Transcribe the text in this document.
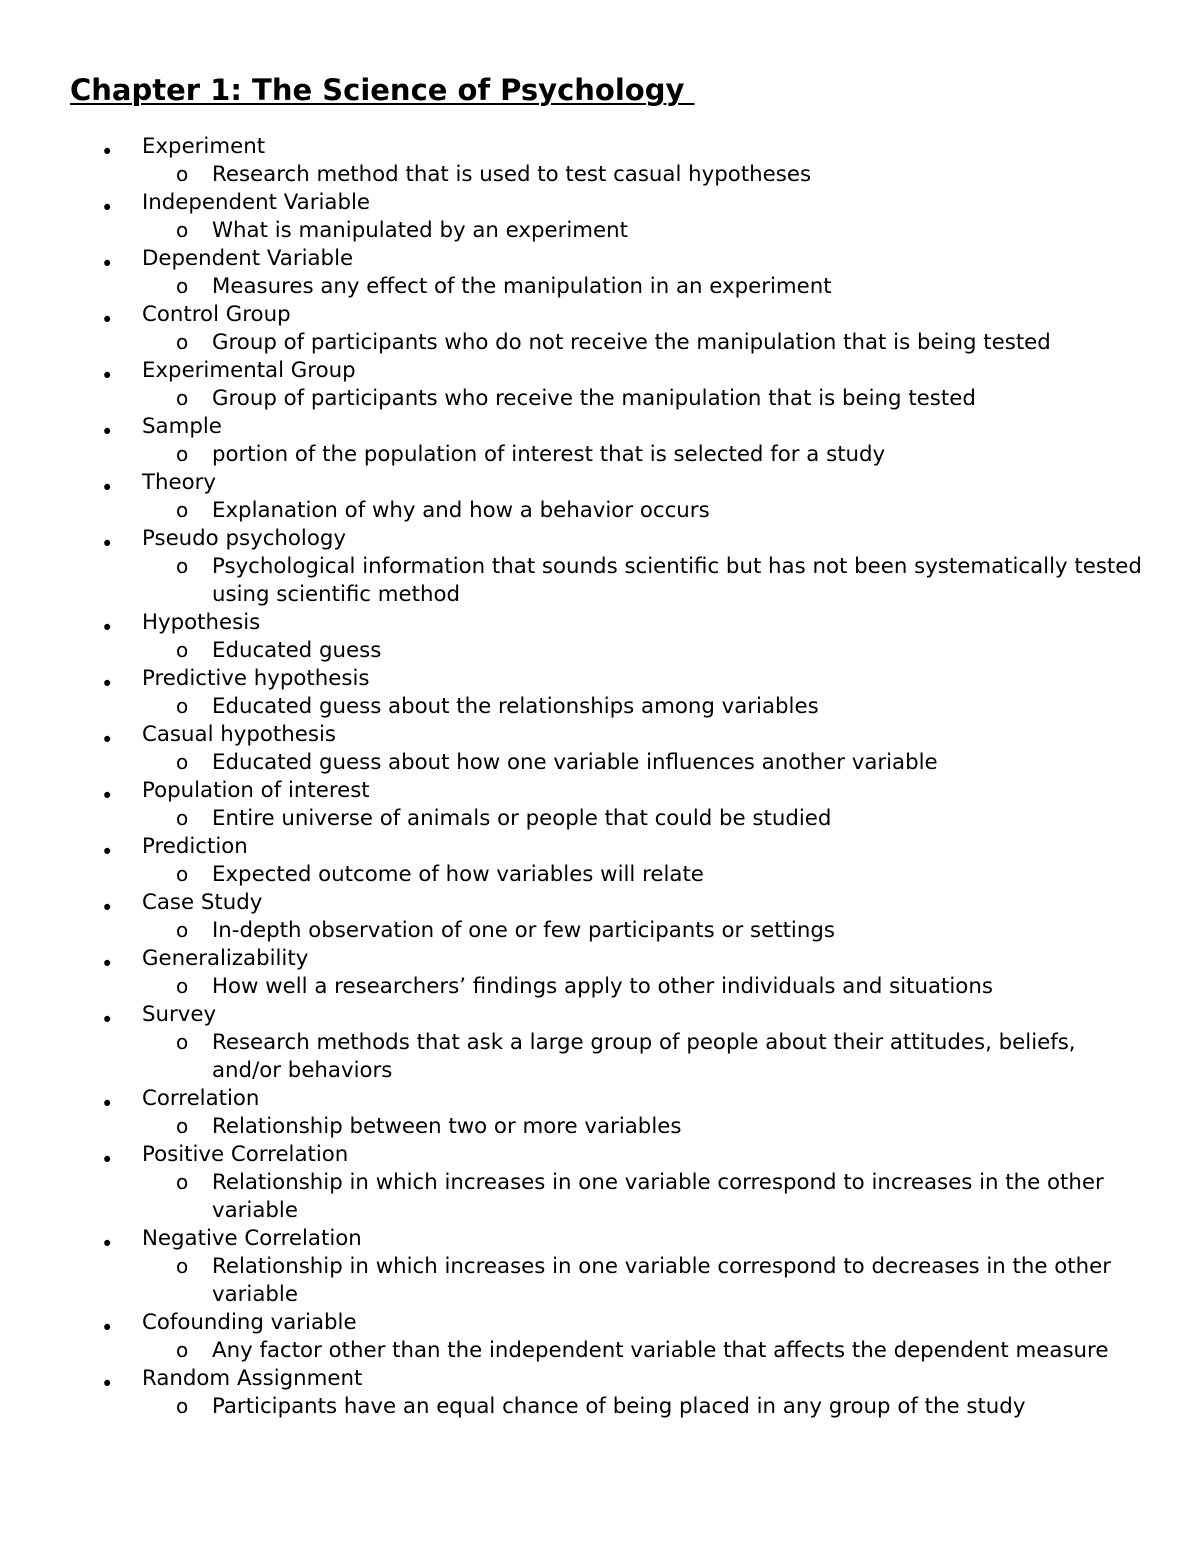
Chapter 1: The Science of Psychology
•	Experiment
o Research method that is used to test casual hypotheses
•	Independent Variable
o What is manipulated by an experiment
•	Dependent Variable
o Measures any effect of the manipulation in an experiment
•	Control Group
o Group of participants who do not receive the manipulation that is being tested
•	Experimental Group
o Group of participants who receive the manipulation that is being tested
•	Sample
o portion of the population of interest that is selected for a study
•	Theory
o Explanation of why and how a behavior occurs
•	Pseudo psychology
o Psychological information that sounds scientific but has not been systematically tested using scientific method
•	Hypothesis
o Educated guess
•	Predictive hypothesis
o Educated guess about the relationships among variables
•	Casual hypothesis
o Educated guess about how one variable influences another variable
•	Population of interest
o Entire universe of animals or people that could be studied
•	Prediction
o Expected outcome of how variables will relate
•	Case Study
o In-depth observation of one or few participants or settings
•	Generalizability
o How well a researchers’ findings apply to other individuals and situations
•	Survey
o Research methods that ask a large group of people about their attitudes, beliefs, and/or behaviors
•	Correlation
o Relationship between two or more variables
•	Positive Correlation
o Relationship in which increases in one variable correspond to increases in the other variable
•	Negative Correlation
o Relationship in which increases in one variable correspond to decreases in the other variable
•	Cofounding variable
o Any factor other than the independent variable that affects the dependent measure
•	Random Assignment
o Participants have an equal chance of being placed in any group of the study
